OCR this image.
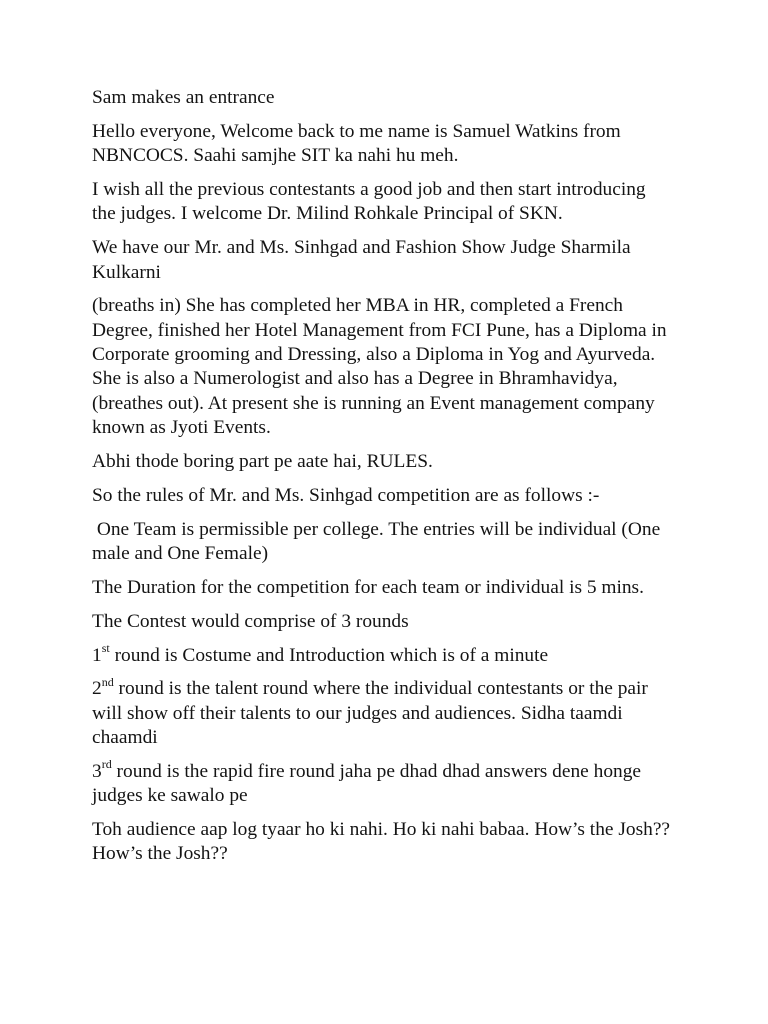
Sam makes an entrance

Hello everyone, Welcome back to me name is Samuel Watkins from NBNCOCS. Saahi samjhe SIT ka nahi hu meh.

I wish all the previous contestants a good job and then start introducing the judges. I welcome Dr. Milind Rohkale Principal of SKN.

We have our Mr. and Ms. Sinhgad and Fashion Show Judge Sharmila Kulkarni

(breaths in) She has completed her MBA in HR, completed a French Degree, finished her Hotel Management from FCI Pune, has a Diploma in Corporate grooming and Dressing, also a Diploma in Yog and Ayurveda. She is also a Numerologist and also has a Degree in Bhramhavidya, (breathes out). At present she is running an Event management company known as Jyoti Events.

Abhi thode boring part pe aate hai, RULES.

So the rules of Mr. and Ms. Sinhgad competition are as follows :-

One Team is permissible per college. The entries will be individual (One male and One Female)

The Duration for the competition for each team or individual is 5 mins.

The Contest would comprise of 3 rounds

1st round is Costume and Introduction which is of a minute

2nd round is the talent round where the individual contestants or the pair will show off their talents to our judges and audiences. Sidha taamdi chaamdi

3rd round is the rapid fire round jaha pe dhad dhad answers dene honge judges ke sawalo pe

Toh audience aap log tyaar ho ki nahi. Ho ki nahi babaa. How’s the Josh?? How’s the Josh??
